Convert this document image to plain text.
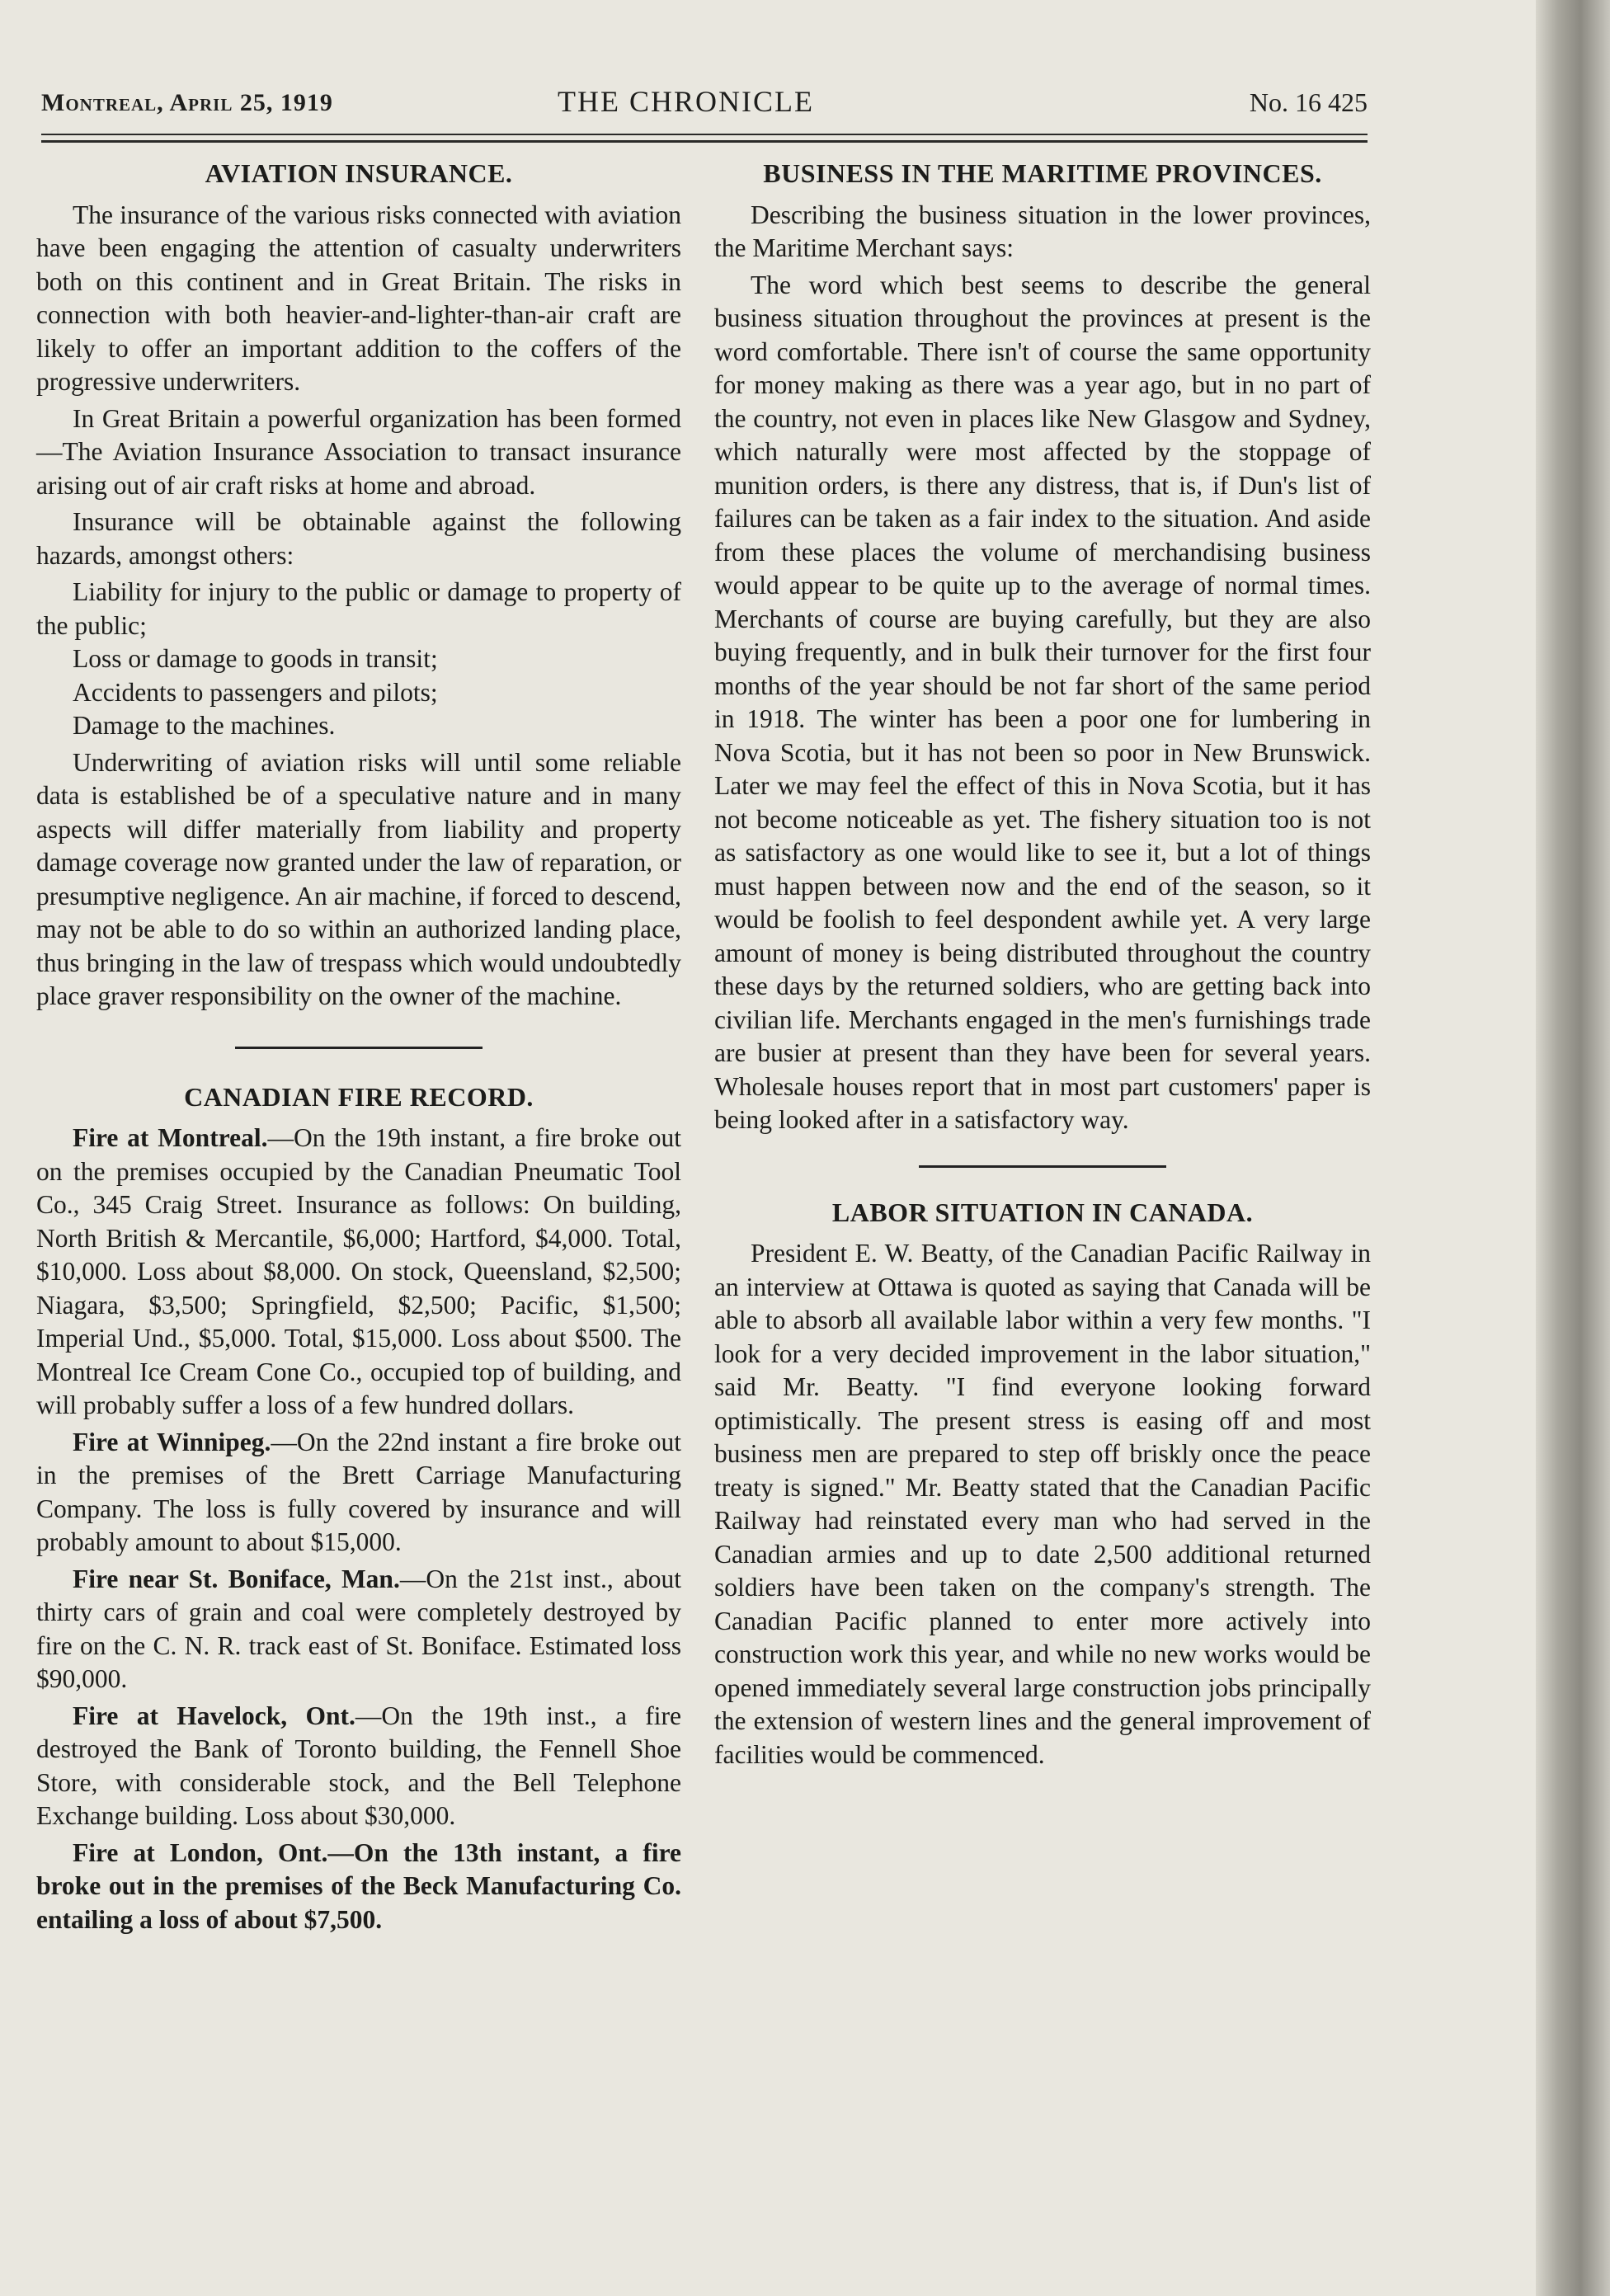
Montreal, April 25, 1919	THE CHRONICLE	No. 16 425
AVIATION INSURANCE.

The insurance of the various risks connected with aviation have been engaging the attention of casualty underwriters both on this continent and in Great Britain. The risks in connection with both heavier-and-lighter-than-air craft are likely to offer an important addition to the coffers of the progressive underwriters.

In Great Britain a powerful organization has been formed—The Aviation Insurance Association to transact insurance arising out of air craft risks at home and abroad.

Insurance will be obtainable against the following hazards, amongst others:

Liability for injury to the public or damage to property of the public;

Loss or damage to goods in transit;

Accidents to passengers and pilots;

Damage to the machines.

Underwriting of aviation risks will until some reliable data is established be of a speculative nature and in many aspects will differ materially from liability and property damage coverage now granted under the law of reparation, or presumptive negligence. An air machine, if forced to descend, may not be able to do so within an authorized landing place, thus bringing in the law of trespass which would undoubtedly place graver responsibility on the owner of the machine.

CANADIAN FIRE RECORD.

Fire at Montreal.—On the 19th instant, a fire broke out on the premises occupied by the Canadian Pneumatic Tool Co., 345 Craig Street. Insurance as follows: On building, North British & Mercantile, $6,000; Hartford, $4,000. Total, $10,000. Loss about $8,000. On stock, Queensland, $2,500; Niagara, $3,500; Springfield, $2,500; Pacific, $1,500; Imperial Und., $5,000. Total, $15,000. Loss about $500. The Montreal Ice Cream Cone Co., occupied top of building, and will probably suffer a loss of a few hundred dollars.

Fire at Winnipeg.—On the 22nd instant a fire broke out in the premises of the Brett Carriage Manufacturing Company. The loss is fully covered by insurance and will probably amount to about $15,000.

Fire near St. Boniface, Man.—On the 21st inst., about thirty cars of grain and coal were completely destroyed by fire on the C. N. R. track east of St. Boniface. Estimated loss $90,000.

Fire at Havelock, Ont.—On the 19th inst., a fire destroyed the Bank of Toronto building, the Fennell Shoe Store, with considerable stock, and the Bell Telephone Exchange building. Loss about $30,000.

Fire at London, Ont.—On the 13th instant, a fire broke out in the premises of the Beck Manufacturing Co. entailing a loss of about $7,500.

BUSINESS IN THE MARITIME PROVINCES.

Describing the business situation in the lower provinces, the Maritime Merchant says:

The word which best seems to describe the general business situation throughout the provinces at present is the word comfortable. There isn't of course the same opportunity for money making as there was a year ago, but in no part of the country, not even in places like New Glasgow and Sydney, which naturally were most affected by the stoppage of munition orders, is there any distress, that is, if Dun's list of failures can be taken as a fair index to the situation. And aside from these places the volume of merchandising business would appear to be quite up to the average of normal times. Merchants of course are buying carefully, but they are also buying frequently, and in bulk their turnover for the first four months of the year should be not far short of the same period in 1918. The winter has been a poor one for lumbering in Nova Scotia, but it has not been so poor in New Brunswick. Later we may feel the effect of this in Nova Scotia, but it has not become noticeable as yet. The fishery situation too is not as satisfactory as one would like to see it, but a lot of things must happen between now and the end of the season, so it would be foolish to feel despondent awhile yet. A very large amount of money is being distributed throughout the country these days by the returned soldiers, who are getting back into civilian life. Merchants engaged in the men's furnishings trade are busier at present than they have been for several years. Wholesale houses report that in most part customers' paper is being looked after in a satisfactory way.

LABOR SITUATION IN CANADA.

President E. W. Beatty, of the Canadian Pacific Railway in an interview at Ottawa is quoted as saying that Canada will be able to absorb all available labor within a very few months. "I look for a very decided improvement in the labor situation," said Mr. Beatty. "I find everyone looking forward optimistically. The present stress is easing off and most business men are prepared to step off briskly once the peace treaty is signed." Mr. Beatty stated that the Canadian Pacific Railway had reinstated every man who had served in the Canadian armies and up to date 2,500 additional returned soldiers have been taken on the company's strength. The Canadian Pacific planned to enter more actively into construction work this year, and while no new works would be opened immediately several large construction jobs principally the extension of western lines and the general improvement of facilities would be commenced.
